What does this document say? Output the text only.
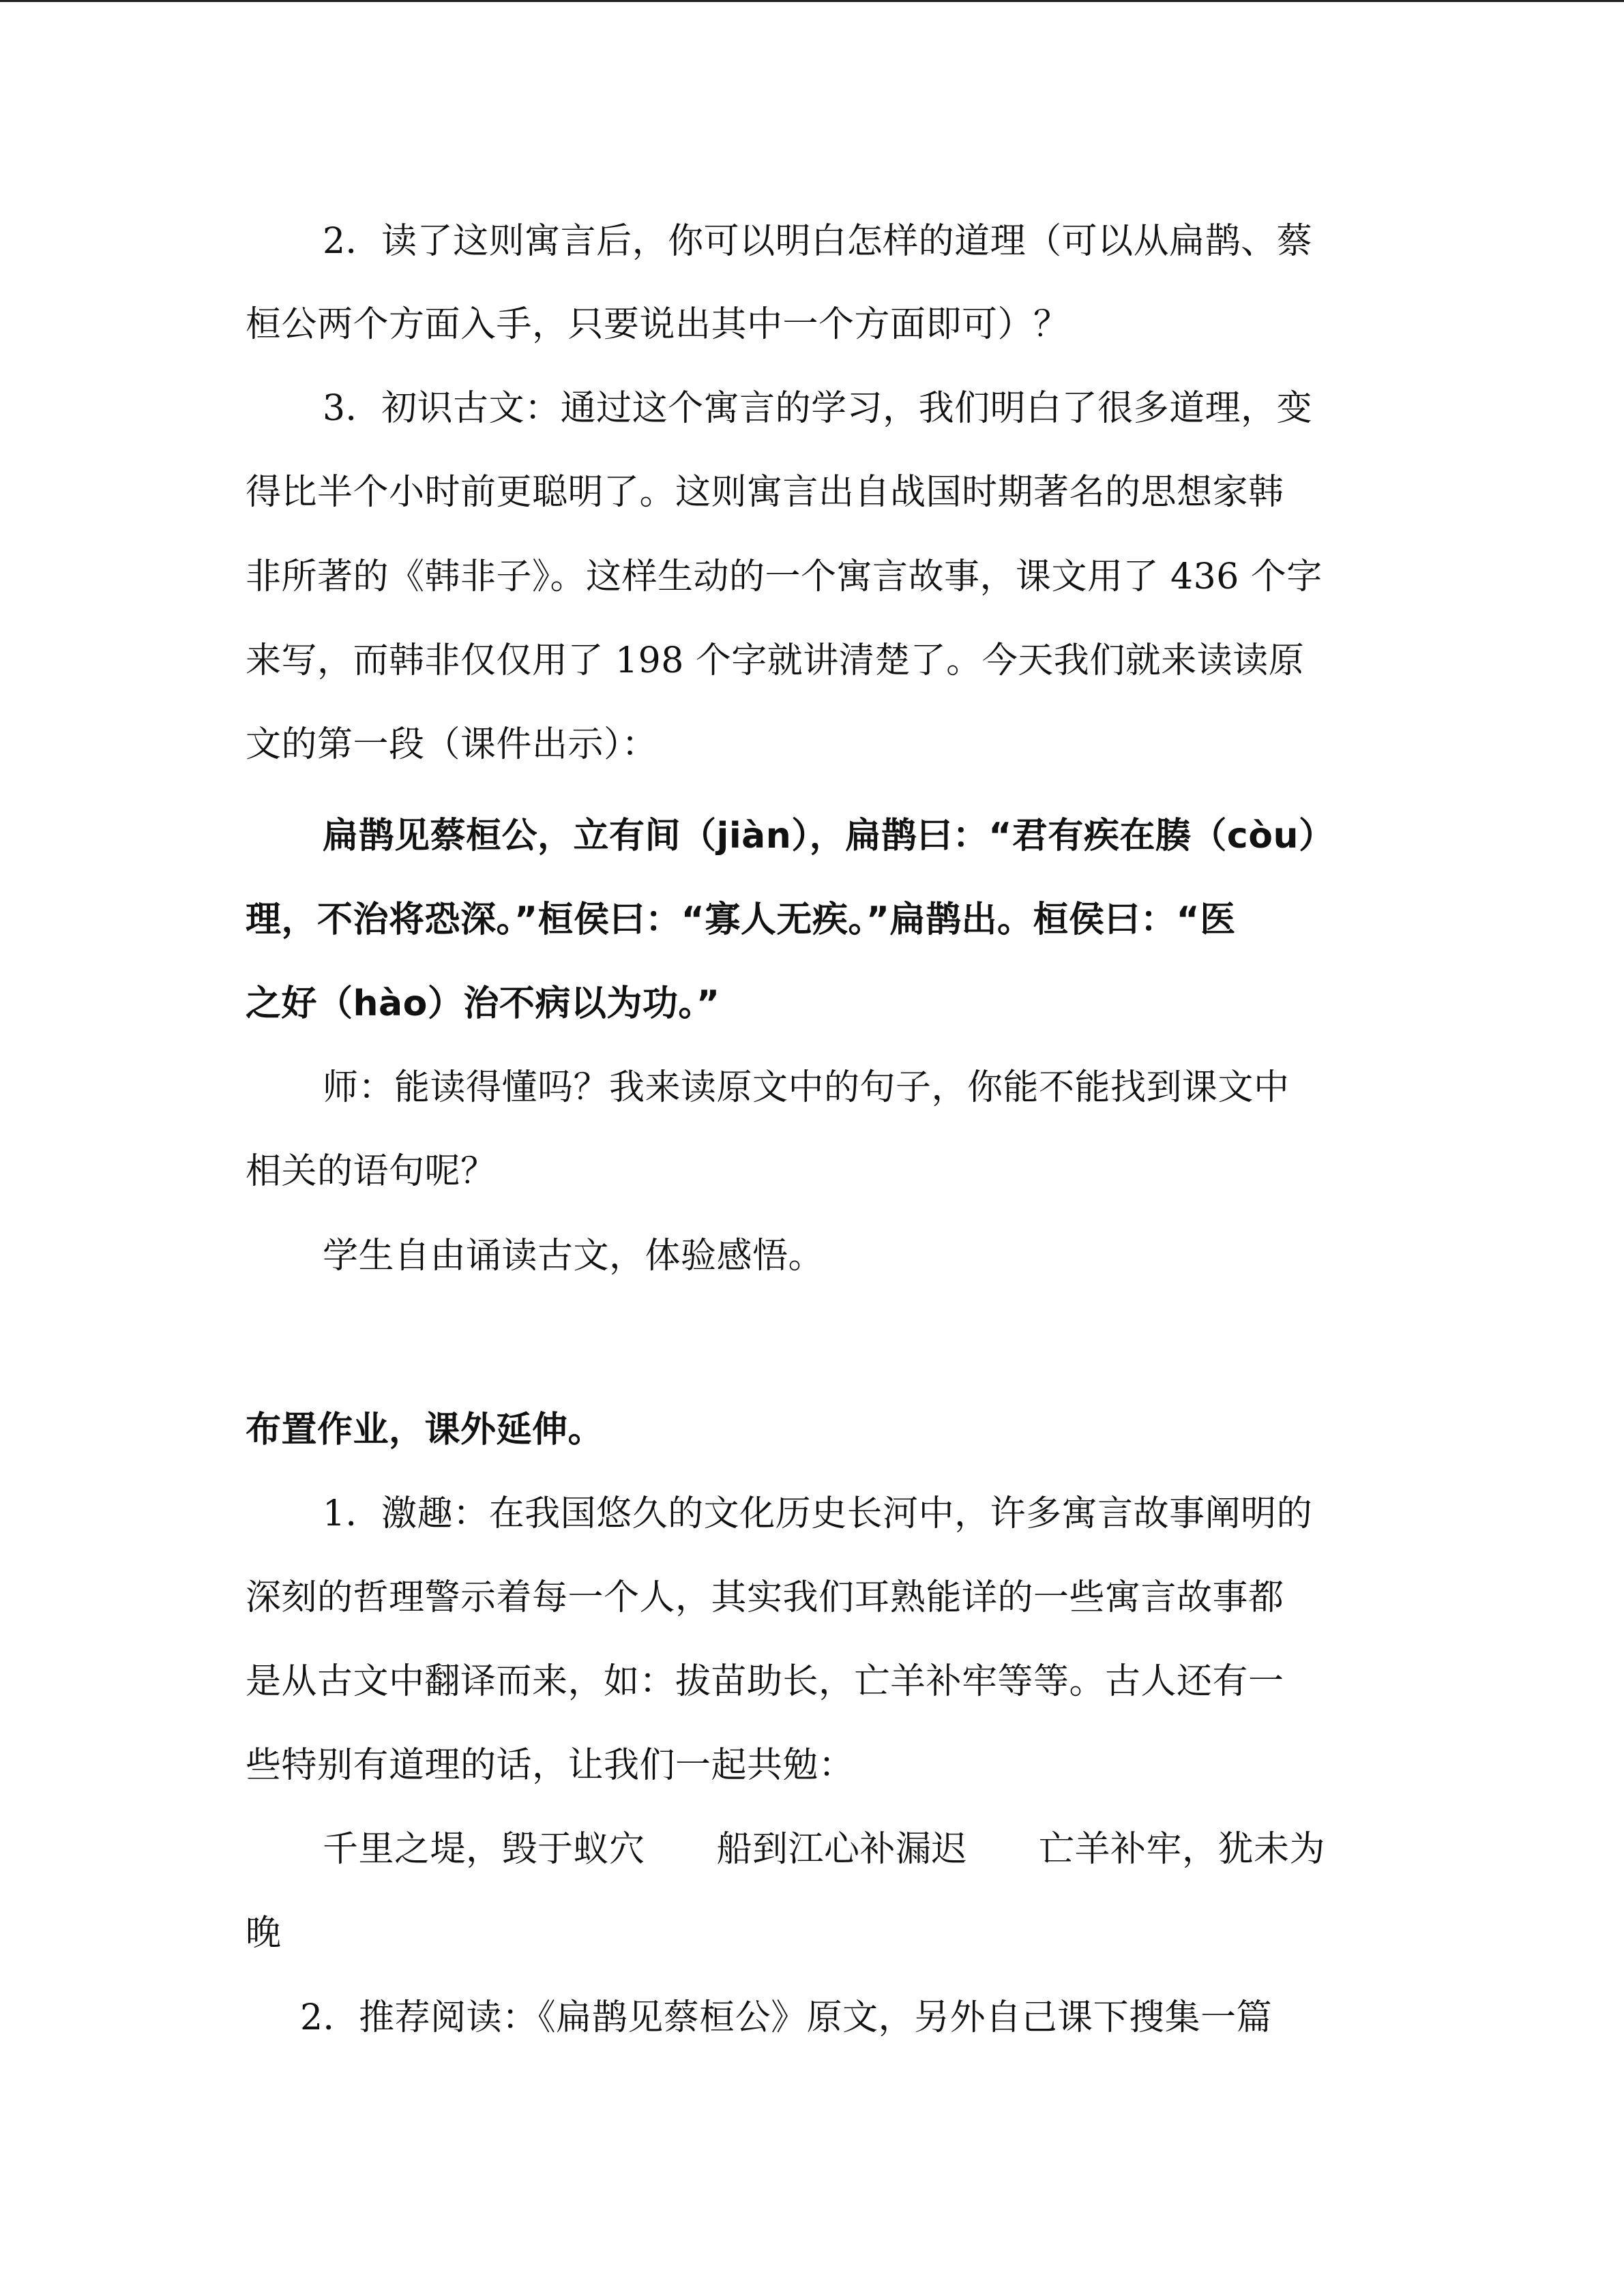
2．读了这则寓言后，你可以明白怎样的道理（可以从扁鹊、蔡
桓公两个方面入手，只要说出其中一个方面即可）？
3．初识古文：通过这个寓言的学习，我们明白了很多道理，变
得比半个小时前更聪明了。这则寓言出自战国时期著名的思想家韩
非所著的《韩非子》。这样生动的一个寓言故事，课文用了 436 个字
来写，而韩非仅仅用了 198 个字就讲清楚了。今天我们就来读读原
文的第一段（课件出示）：
扁鹊见蔡桓公，立有间（jiàn），扁鹊曰：“君有疾在腠（còu）
理，不治将恐深。”桓侯曰：“寡人无疾。”扁鹊出。桓侯曰：“医
之好（hào）治不病以为功。”
师：能读得懂吗？我来读原文中的句子，你能不能找到课文中
相关的语句呢？
学生自由诵读古文，体验感悟。
布置作业，课外延伸。
1．激趣：在我国悠久的文化历史长河中，许多寓言故事阐明的
深刻的哲理警示着每一个人，其实我们耳熟能详的一些寓言故事都
是从古文中翻译而来，如：拔苗助长，亡羊补牢等等。古人还有一
些特别有道理的话，让我们一起共勉：
千里之堤，毁于蚁穴　　船到江心补漏迟　　亡羊补牢，犹未为
晚
2．推荐阅读：《扁鹊见蔡桓公》原文，另外自己课下搜集一篇
